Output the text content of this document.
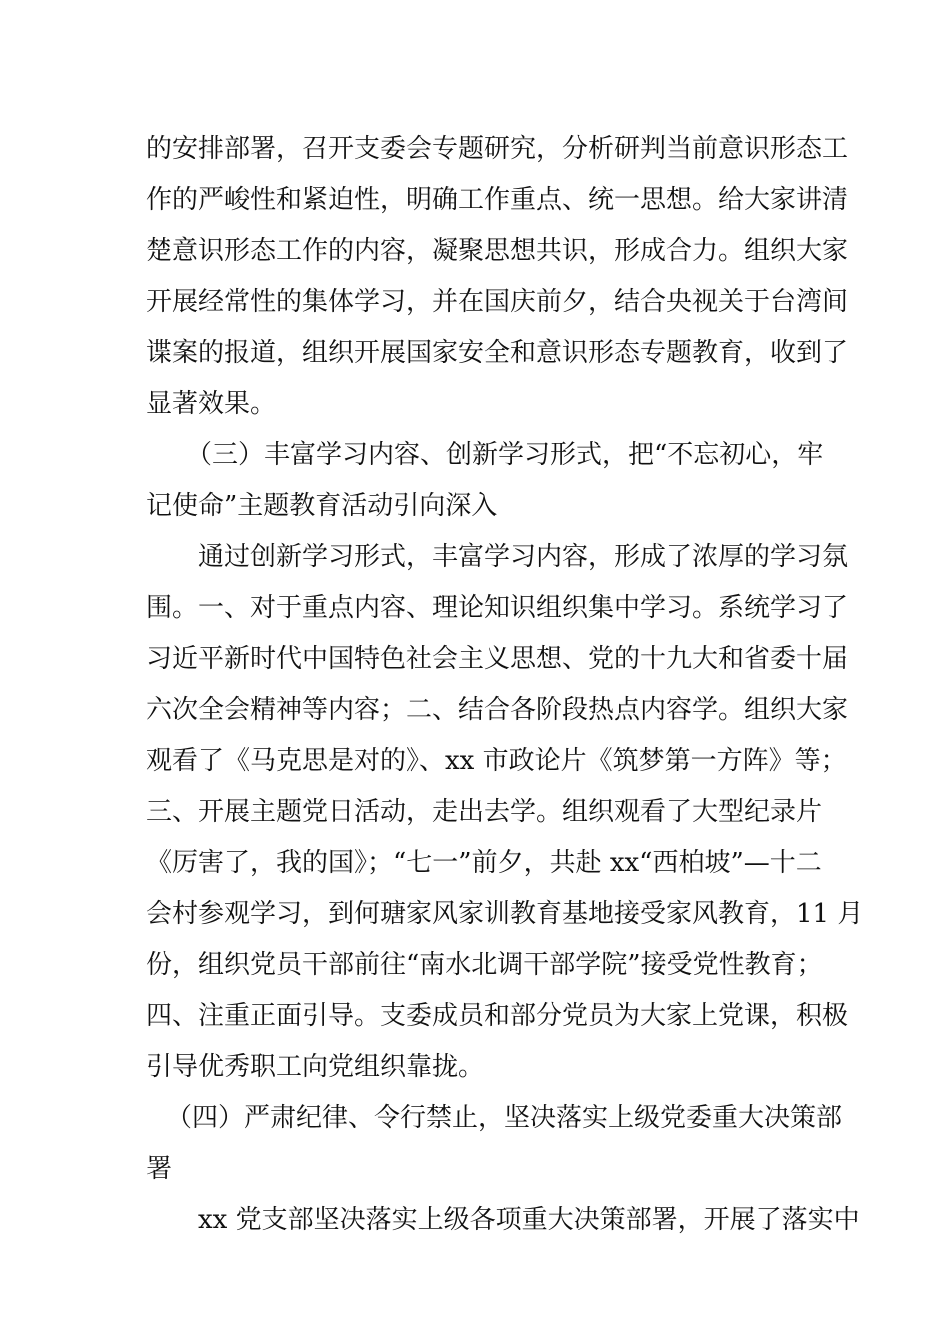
的安排部署，召开支委会专题研究，分析研判当前意识形态工
作的严峻性和紧迫性，明确工作重点、统一思想。给大家讲清
楚意识形态工作的内容，凝聚思想共识，形成合力。组织大家
开展经常性的集体学习，并在国庆前夕，结合央视关于台湾间
谍案的报道，组织开展国家安全和意识形态专题教育，收到了
显著效果。
（三）丰富学习内容、创新学习形式，把“不忘初心，牢
记使命”主题教育活动引向深入
通过创新学习形式，丰富学习内容，形成了浓厚的学习氛
围。一、对于重点内容、理论知识组织集中学习。系统学习了
习近平新时代中国特色社会主义思想、党的十九大和省委十届
六次全会精神等内容；二、结合各阶段热点内容学。组织大家
观看了《马克思是对的》、xx 市政论片《筑梦第一方阵》等；
三、开展主题党日活动，走出去学。组织观看了大型纪录片
《厉害了，我的国》；“七一”前夕，共赴 xx“西柏坡”—十二
会村参观学习，到何瑭家风家训教育基地接受家风教育，11 月
份，组织党员干部前往“南水北调干部学院”接受党性教育；
四、注重正面引导。支委成员和部分党员为大家上党课，积极
引导优秀职工向党组织靠拢。
（四）严肃纪律、令行禁止，坚决落实上级党委重大决策部
署
xx 党支部坚决落实上级各项重大决策部署，开展了落实中
